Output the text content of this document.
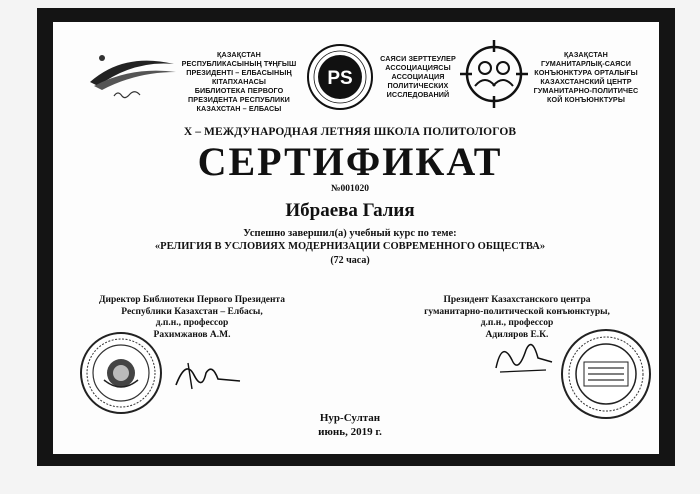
ҚАЗАҚСТАН
РЕСПУБЛИКАСЫНЫҢ ТҰҢҒЫШ
ПРЕЗИДЕНТІ – ЕЛБАСЫНЫҢ
КІТАПХАНАСЫ
БИБЛИОТЕКА ПЕРВОГО
ПРЕЗИДЕНТА РЕСПУБЛИКИ
КАЗАХСТАН – ЕЛБАСЫ
PS
САЯСИ ЗЕРТТЕУЛЕР
АССОЦИАЦИЯСЫ
АССОЦИАЦИЯ
ПОЛИТИЧЕСКИХ
ИССЛЕДОВАНИЙ
ҚАЗАҚСТАН
ГУМАНИТАРЛЫҚ-САЯСИ
КОНЪЮНКТУРА ОРТАЛЫҒЫ
КАЗАХСТАНСКИЙ ЦЕНТР
ГУМАНИТАРНО-ПОЛИТИЧЕС
КОЙ КОНЪЮНКТУРЫ
X – МЕЖДУНАРОДНАЯ ЛЕТНЯЯ ШКОЛА ПОЛИТОЛОГОВ
СЕРТИФИКАТ
№001020
Ибраева Галия
Успешно завершил(а) учебный курс по теме:
«РЕЛИГИЯ В УСЛОВИЯХ МОДЕРНИЗАЦИИ СОВРЕМЕННОГО ОБЩЕСТВА»
(72 часа)
Директор Библиотеки Первого Президента
Республики Казахстан – Елбасы,
д.п.н., профессор
Рахимжанов А.М.
Президент Казахстанского центра
гуманитарно-политической конъюнктуры,
д.п.н., профессор
Адиляров Е.К.
Нур-Султан
июнь, 2019 г.
